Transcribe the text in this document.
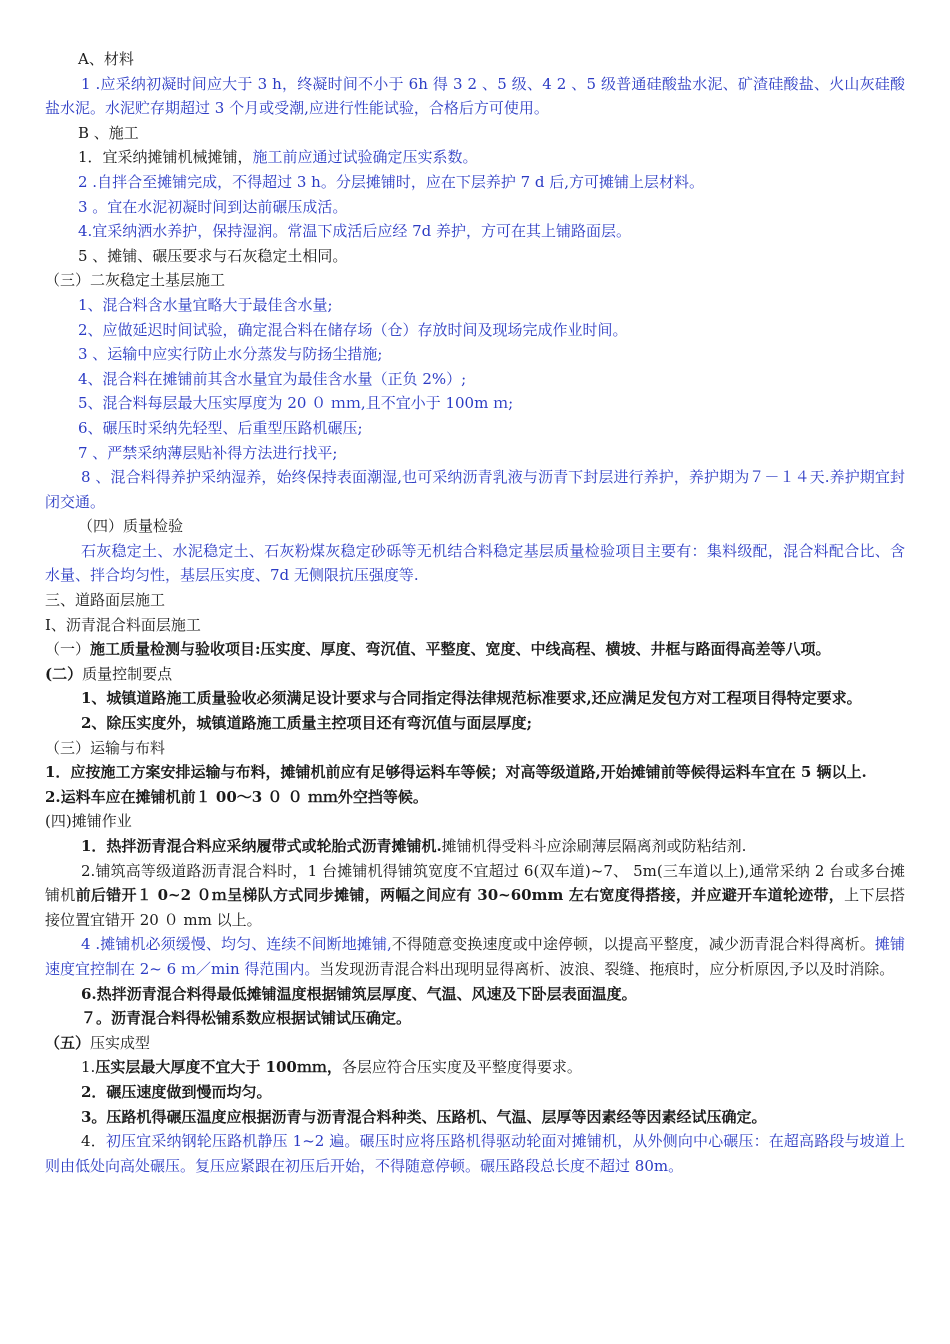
A、材料

1 .应采纳初凝时间应大于 3 h，终凝时间不小于 6h 得 3 2 、5 级、4 2 、5 级普通硅酸盐水泥、矿渣硅酸盐、火山灰硅酸盐水泥。水泥贮存期超过 3 个月或受潮,应进行性能试验，合格后方可使用。

B 、施工

1．宜采纳摊铺机械摊铺，施工前应通过试验确定压实系数。

2 .自拌合至摊铺完成，不得超过 3 h。分层摊铺时，应在下层养护 7 d 后,方可摊铺上层材料。

3 。宜在水泥初凝时间到达前碾压成活。

4.宜采纳洒水养护，保持湿润。常温下成活后应经 7d 养护，方可在其上铺路面层。

5 、摊铺、碾压要求与石灰稳定土相同。

（三）二灰稳定土基层施工

1、混合料含水量宜略大于最佳含水量;

2、应做延迟时间试验，确定混合料在储存场（仓）存放时间及现场完成作业时间。

3 、运输中应实行防止水分蒸发与防扬尘措施;

4、混合料在摊铺前其含水量宜为最佳含水量（正负 2%）;

5、混合料每层最大压实厚度为 20 ０ ｍｍ,且不宜小于 100m ｍ;

6、碾压时采纳先轻型、后重型压路机碾压;

7 、严禁采纳薄层贴补得方法进行找平;

8 、混合料得养护采纳湿养，始终保持表面潮湿,也可采纳沥青乳液与沥青下封层进行养护，养护期为７－１４天.养护期宜封闭交通。

（四）质量检验

石灰稳定土、水泥稳定土、石灰粉煤灰稳定砂砾等无机结合料稳定基层质量检验项目主要有：集料级配，混合料配合比、含水量、拌合均匀性，基层压实度、7d 无侧限抗压强度等.

三、道路面层施工

Ⅰ、沥青混合料面层施工

（一）施工质量检测与验收项目:压实度、厚度、弯沉值、平整度、宽度、中线高程、横坡、井框与路面得高差等八项。

(二）质量控制要点

1、城镇道路施工质量验收必须满足设计要求与合同指定得法律规范标准要求,还应满足发包方对工程项目得特定要求。

2、除压实度外，城镇道路施工质量主控项目还有弯沉值与面层厚度;

（三）运输与布料

1．应按施工方案安排运输与布料，摊铺机前应有足够得运料车等候；对高等级道路,开始摊铺前等候得运料车宜在 5 辆以上.

2.运料车应在摊铺机前１ 00～3 ０ ０ ｍｍ外空挡等候。

(四)摊铺作业

1．热拌沥青混合料应采纳履带式或轮胎式沥青摊铺机.摊铺机得受料斗应涂刷薄层隔离剂或防粘结剂.

2.铺筑高等级道路沥青混合料时，1 台摊铺机得铺筑宽度不宜超过 6(双车道)~7、 5m(三车道以上),通常采纳 2 台或多台摊铺机前后错开１ 0~2 ０ｍ呈梯队方式同步摊铺，两幅之间应有 30~60mm 左右宽度得搭接，并应避开车道轮迹带，上下层搭接位置宜错开 20 ０ mm 以上。

4 .摊铺机必须缓慢、均匀、连续不间断地摊铺,不得随意变换速度或中途停顿，以提高平整度，减少沥青混合料得离析。摊铺速度宜控制在 2~ 6 ｍ／min 得范围内。当发现沥青混合料出现明显得离析、波浪、裂缝、拖痕时，应分析原因,予以及时消除。

6.热拌沥青混合料得最低摊铺温度根据铺筑层厚度、气温、风速及下卧层表面温度。

７。沥青混合料得松铺系数应根据试铺试压确定。

（五）压实成型

1.压实层最大厚度不宜大于 100ｍｍ，各层应符合压实度及平整度得要求。

2．碾压速度做到慢而均匀。

3。压路机得碾压温度应根据沥青与沥青混合料种类、压路机、气温、层厚等因素经等因素经试压确定。

4．初压宜采纳钢轮压路机静压 1~2 遍。碾压时应将压路机得驱动轮面对摊铺机，从外侧向中心碾压：在超高路段与坡道上则由低处向高处碾压。复压应紧跟在初压后开始，不得随意停顿。碾压路段总长度不超过 80m。
